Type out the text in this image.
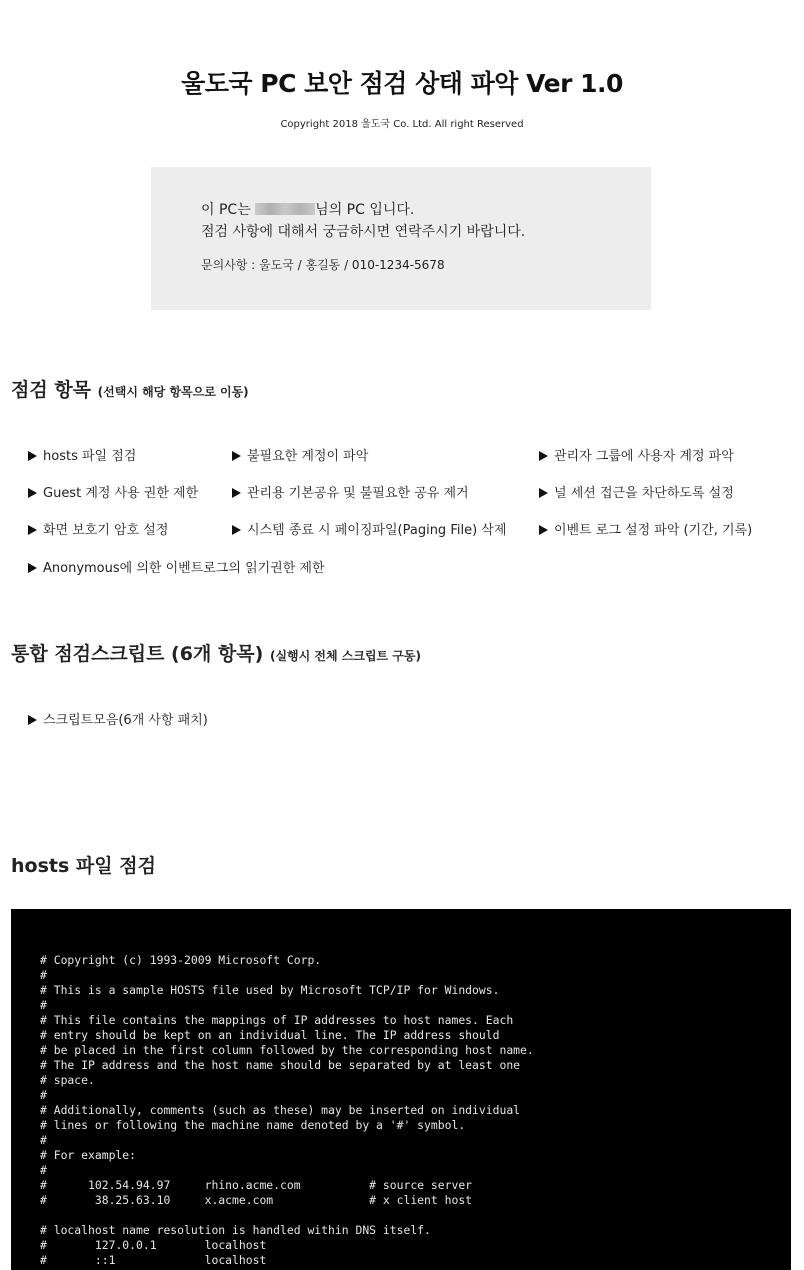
울도국 PC 보안 점검 상태 파악 Ver 1.0
Copyright 2018 울도국 Co. Ltd. All right Reserved
이 PC는	님의 PC 입니다.
점검 사항에 대해서 궁금하시면 연락주시기 바랍니다.
문의사항 : 울도국 / 홍길동 / 010-1234-5678
점검 항목 (선택시 해당 항목으로 이동)
hosts 파일 점검	불필요한 계정이 파악	관리자 그룹에 사용자 계정 파악
Guest 계정 사용 권한 제한	관리용 기본공유 및 불필요한 공유 제거	널 세션 접근을 차단하도록 설정
화면 보호기 암호 설정	시스템 종료 시 페이징파일(Paging File) 삭제	이벤트 로그 설정 파악 (기간, 기록)
Anonymous에 의한 이벤트로그의 읽기권한 제한
통합 점검스크립트 (6개 항목) (실행시 전체 스크립트 구동)
스크립트모음(6개 사항 패치)
hosts 파일 점검
# Copyright (c) 1993-2009 Microsoft Corp.
#
# This is a sample HOSTS file used by Microsoft TCP/IP for Windows.
#
# This file contains the mappings of IP addresses to host names. Each
# entry should be kept on an individual line. The IP address should
# be placed in the first column followed by the corresponding host name.
# The IP address and the host name should be separated by at least one
# space.
#
# Additionally, comments (such as these) may be inserted on individual
# lines or following the machine name denoted by a '#' symbol.
#
# For example:
#
#      102.54.94.97     rhino.acme.com          # source server
#       38.25.63.10     x.acme.com              # x client host

# localhost name resolution is handled within DNS itself.
#	127.0.0.1       localhost
#	::1             localhost
